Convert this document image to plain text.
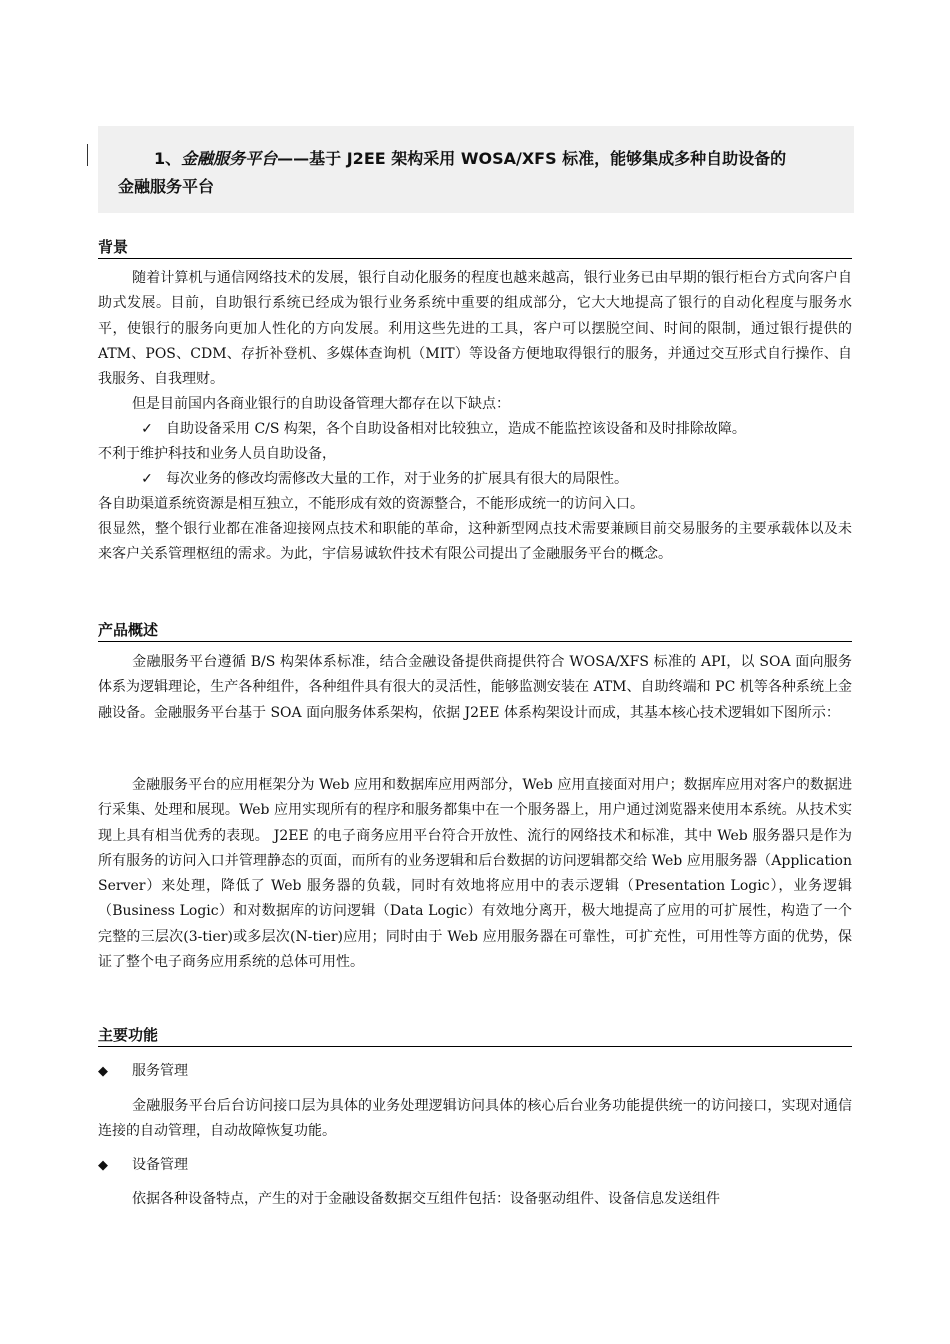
1、金融服务平台——基于 J2EE 架构采用 WOSA/XFS 标准，能够集成多种自助设备的
金融服务平台
背景
随着计算机与通信网络技术的发展，银行自动化服务的程度也越来越高，银行业务已由早期的银行柜台方式向客户自助式发展。目前，自助银行系统已经成为银行业务系统中重要的组成部分，它大大地提高了银行的自动化程度与服务水平，使银行的服务向更加人性化的方向发展。利用这些先进的工具，客户可以摆脱空间、时间的限制，通过银行提供的 ATM、POS、CDM、存折补登机、多媒体查询机（MIT）等设备方便地取得银行的服务，并通过交互形式自行操作、自我服务、自我理财。
但是目前国内各商业银行的自助设备管理大都存在以下缺点：
✓ 自助设备采用 C/S 构架，各个自助设备相对比较独立，造成不能监控该设备和及时排除故障。
不利于维护科技和业务人员自助设备，
✓ 每次业务的修改均需修改大量的工作，对于业务的扩展具有很大的局限性。
各自助渠道系统资源是相互独立，不能形成有效的资源整合，不能形成统一的访问入口。
很显然，整个银行业都在准备迎接网点技术和职能的革命，这种新型网点技术需要兼顾目前交易服务的主要承载体以及未来客户关系管理枢纽的需求。为此，宇信易诚软件技术有限公司提出了金融服务平台的概念。
产品概述
金融服务平台遵循 B/S 构架体系标准，结合金融设备提供商提供符合 WOSA/XFS 标准的 API，以 SOA 面向服务体系为逻辑理论，生产各种组件，各种组件具有很大的灵活性，能够监测安装在 ATM、自助终端和 PC 机等各种系统上金融设备。金融服务平台基于 SOA 面向服务体系架构，依据 J2EE 体系构架设计而成，其基本核心技术逻辑如下图所示：
金融服务平台的应用框架分为 Web 应用和数据库应用两部分，Web 应用直接面对用户；数据库应用对客户的数据进行采集、处理和展现。Web 应用实现所有的程序和服务都集中在一个服务器上，用户通过浏览器来使用本系统。从技术实现上具有相当优秀的表现。 J2EE 的电子商务应用平台符合开放性、流行的网络技术和标准，其中 Web 服务器只是作为所有服务的访问入口并管理静态的页面，而所有的业务逻辑和后台数据的访问逻辑都交给 Web 应用服务器（Application Server）来处理，降低了 Web 服务器的负载，同时有效地将应用中的表示逻辑（Presentation Logic），业务逻辑（Business Logic）和对数据库的访问逻辑（Data Logic）有效地分离开，极大地提高了应用的可扩展性，构造了一个完整的三层次(3-tier)或多层次(N-tier)应用；同时由于 Web 应用服务器在可靠性，可扩充性，可用性等方面的优势，保证了整个电子商务应用系统的总体可用性。
主要功能
◆ 服务管理
金融服务平台后台访问接口层为具体的业务处理逻辑访问具体的核心后台业务功能提供统一的访问接口，实现对通信连接的自动管理，自动故障恢复功能。
◆ 设备管理
依据各种设备特点，产生的对于金融设备数据交互组件包括：设备驱动组件、设备信息发送组件
